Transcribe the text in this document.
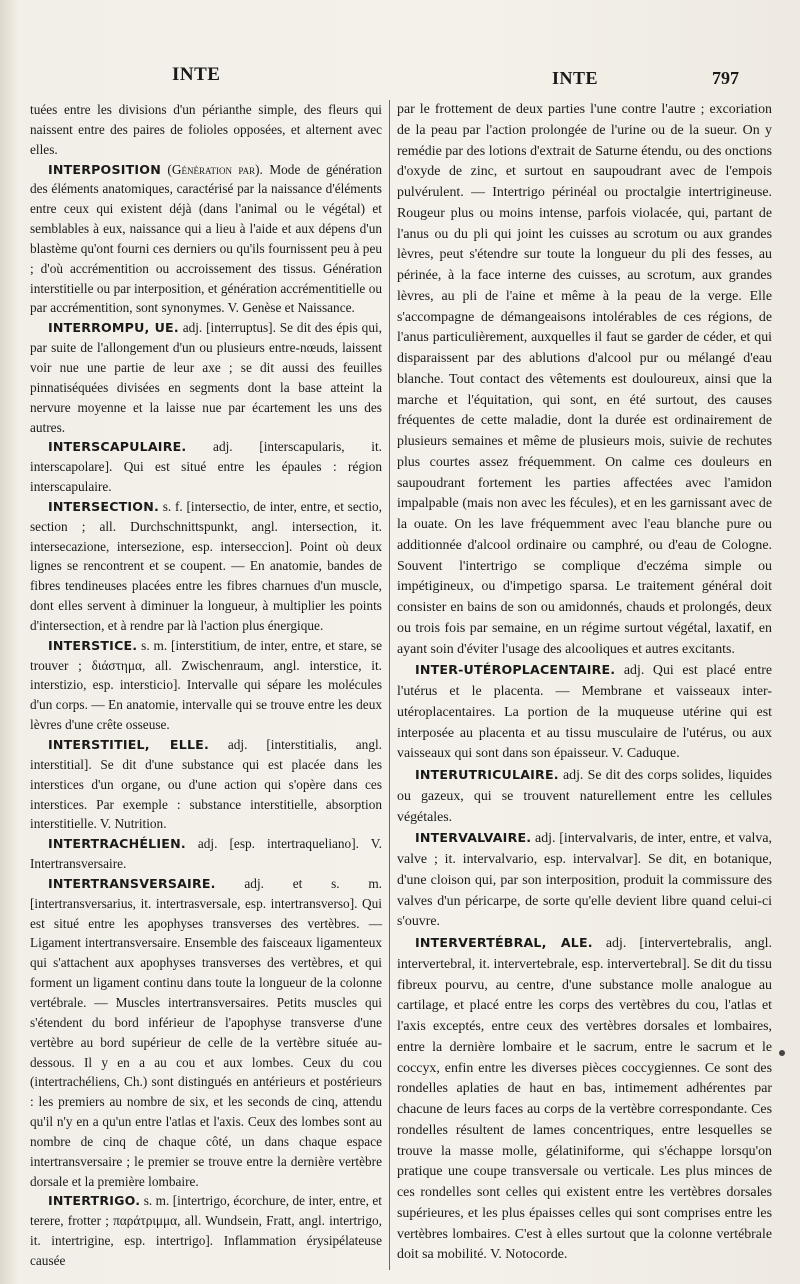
INTE	INTE	797

tuées entre les divisions d'un périanthe simple, des fleurs qui naissent entre des paires de folioles opposées, et alternent avec elles.

INTERPOSITION (Génération par). Mode de génération des éléments anatomiques, caractérisé par la naissance d'éléments entre ceux qui existent déjà (dans l'animal ou le végétal) et semblables à eux, naissance qui a lieu à l'aide et aux dépens d'un blastème qu'ont fourni ces derniers ou qu'ils fournissent peu à peu ; d'où accrémentition ou accroissement des tissus. Génération interstitielle ou par interposition, et génération accrémentitielle ou par accrémentition, sont synonymes. V. Genèse et Naissance.

INTERROMPU, UE. adj. [interruptus]. Se dit des épis qui, par suite de l'allongement d'un ou plusieurs entre-nœuds, laissent voir nue une partie de leur axe ; se dit aussi des feuilles pinnatiséquées divisées en segments dont la base atteint la nervure moyenne et la laisse nue par écartement les uns des autres.

INTERSCAPULAIRE. adj. [interscapularis, it. interscapolare]. Qui est situé entre les épaules : région interscapulaire.

INTERSECTION. s. f. [intersectio, de inter, entre, et sectio, section ; all. Durchschnittspunkt, angl. intersection, it. intersecazione, intersezione, esp. interseccion]. Point où deux lignes se rencontrent et se coupent. — En anatomie, bandes de fibres tendineuses placées entre les fibres charnues d'un muscle, dont elles servent à diminuer la longueur, à multiplier les points d'intersection, et à rendre par là l'action plus énergique.

INTERSTICE. s. m. [interstitium, de inter, entre, et stare, se trouver ; διάστημα, all. Zwischenraum, angl. interstice, it. interstizio, esp. intersticio]. Intervalle qui sépare les molécules d'un corps. — En anatomie, intervalle qui se trouve entre les deux lèvres d'une crête osseuse.

INTERSTITIEL, ELLE. adj. [interstitialis, angl. interstitial]. Se dit d'une substance qui est placée dans les interstices d'un organe, ou d'une action qui s'opère dans ces interstices. Par exemple : substance interstitielle, absorption interstitielle. V. Nutrition.

INTERTRACHÉLIEN. adj. [esp. intertraqueliano]. V. Intertransversaire.

INTERTRANSVERSAIRE. adj. et s. m. [intertransversarius, it. intertrasversale, esp. intertransverso]. Qui est situé entre les apophyses transverses des vertèbres. — Ligament intertransversaire. Ensemble des faisceaux ligamenteux qui s'attachent aux apophyses transverses des vertèbres, et qui forment un ligament continu dans toute la longueur de la colonne vertébrale. — Muscles intertransversaires. Petits muscles qui s'étendent du bord inférieur de l'apophyse transverse d'une vertèbre au bord supérieur de celle de la vertèbre située au-dessous. Il y en a au cou et aux lombes. Ceux du cou (intertrachéliens, Ch.) sont distingués en antérieurs et postérieurs : les premiers au nombre de six, et les seconds de cinq, attendu qu'il n'y en a qu'un entre l'atlas et l'axis. Ceux des lombes sont au nombre de cinq de chaque côté, un dans chaque espace intertransversaire ; le premier se trouve entre la dernière vertèbre dorsale et la première lombaire.

INTERTRIGO. s. m. [intertrigo, écorchure, de inter, entre, et terere, frotter ; παράτριμμα, all. Wundsein, Fratt, angl. intertrigo, it. intertrigine, esp. intertrigo]. Inflammation érysipélateuse causée

par le frottement de deux parties l'une contre l'autre ; excoriation de la peau par l'action prolongée de l'urine ou de la sueur. On y remédie par des lotions d'extrait de Saturne étendu, ou des onctions d'oxyde de zinc, et surtout en saupoudrant avec de l'empois pulvérulent. — Intertrigo périnéal ou proctalgie intertrigineuse. Rougeur plus ou moins intense, parfois violacée, qui, partant de l'anus ou du pli qui joint les cuisses au scrotum ou aux grandes lèvres, peut s'étendre sur toute la longueur du pli des fesses, au périnée, à la face interne des cuisses, au scrotum, aux grandes lèvres, au pli de l'aine et même à la peau de la verge. Elle s'accompagne de démangeaisons intolérables de ces régions, de l'anus particulièrement, auxquelles il faut se garder de céder, et qui disparaissent par des ablutions d'alcool pur ou mélangé d'eau blanche. Tout contact des vêtements est douloureux, ainsi que la marche et l'équitation, qui sont, en été surtout, des causes fréquentes de cette maladie, dont la durée est ordinairement de plusieurs semaines et même de plusieurs mois, suivie de rechutes plus courtes assez fréquemment. On calme ces douleurs en saupoudrant fortement les parties affectées avec l'amidon impalpable (mais non avec les fécules), et en les garnissant avec de la ouate. On les lave fréquemment avec l'eau blanche pure ou additionnée d'alcool ordinaire ou camphré, ou d'eau de Cologne. Souvent l'intertrigo se complique d'eczéma simple ou impétigineux, ou d'impetigo sparsa. Le traitement général doit consister en bains de son ou amidonnés, chauds et prolongés, deux ou trois fois par semaine, en un régime surtout végétal, laxatif, en ayant soin d'éviter l'usage des alcooliques et autres excitants.

INTER-UTÉROPLACENTAIRE. adj. Qui est placé entre l'utérus et le placenta. — Membrane et vaisseaux inter-utéroplacentaires. La portion de la muqueuse utérine qui est interposée au placenta et au tissu musculaire de l'utérus, ou aux vaisseaux qui sont dans son épaisseur. V. Caduque.

INTERUTRICULAIRE. adj. Se dit des corps solides, liquides ou gazeux, qui se trouvent naturellement entre les cellules végétales.

INTERVALVAIRE. adj. [intervalvaris, de inter, entre, et valva, valve ; it. intervalvario, esp. intervalvar]. Se dit, en botanique, d'une cloison qui, par son interposition, produit la commissure des valves d'un péricarpe, de sorte qu'elle devient libre quand celui-ci s'ouvre.

INTERVERTÉBRAL, ALE. adj. [intervertebralis, angl. intervertebral, it. intervertebrale, esp. intervertebral]. Se dit du tissu fibreux pourvu, au centre, d'une substance molle analogue au cartilage, et placé entre les corps des vertèbres du cou, l'atlas et l'axis exceptés, entre ceux des vertèbres dorsales et lombaires, entre la dernière lombaire et le sacrum, entre le sacrum et le coccyx, enfin entre les diverses pièces coccygiennes. Ce sont des rondelles aplaties de haut en bas, intimement adhérentes par chacune de leurs faces au corps de la vertèbre correspondante. Ces rondelles résultent de lames concentriques, entre lesquelles se trouve la masse molle, gélatiniforme, qui s'échappe lorsqu'on pratique une coupe transversale ou verticale. Les plus minces de ces rondelles sont celles qui existent entre les vertèbres dorsales supérieures, et les plus épaisses celles qui sont comprises entre les vertèbres lombaires. C'est à elles surtout que la colonne vertébrale doit sa mobilité. V. Notocorde.
